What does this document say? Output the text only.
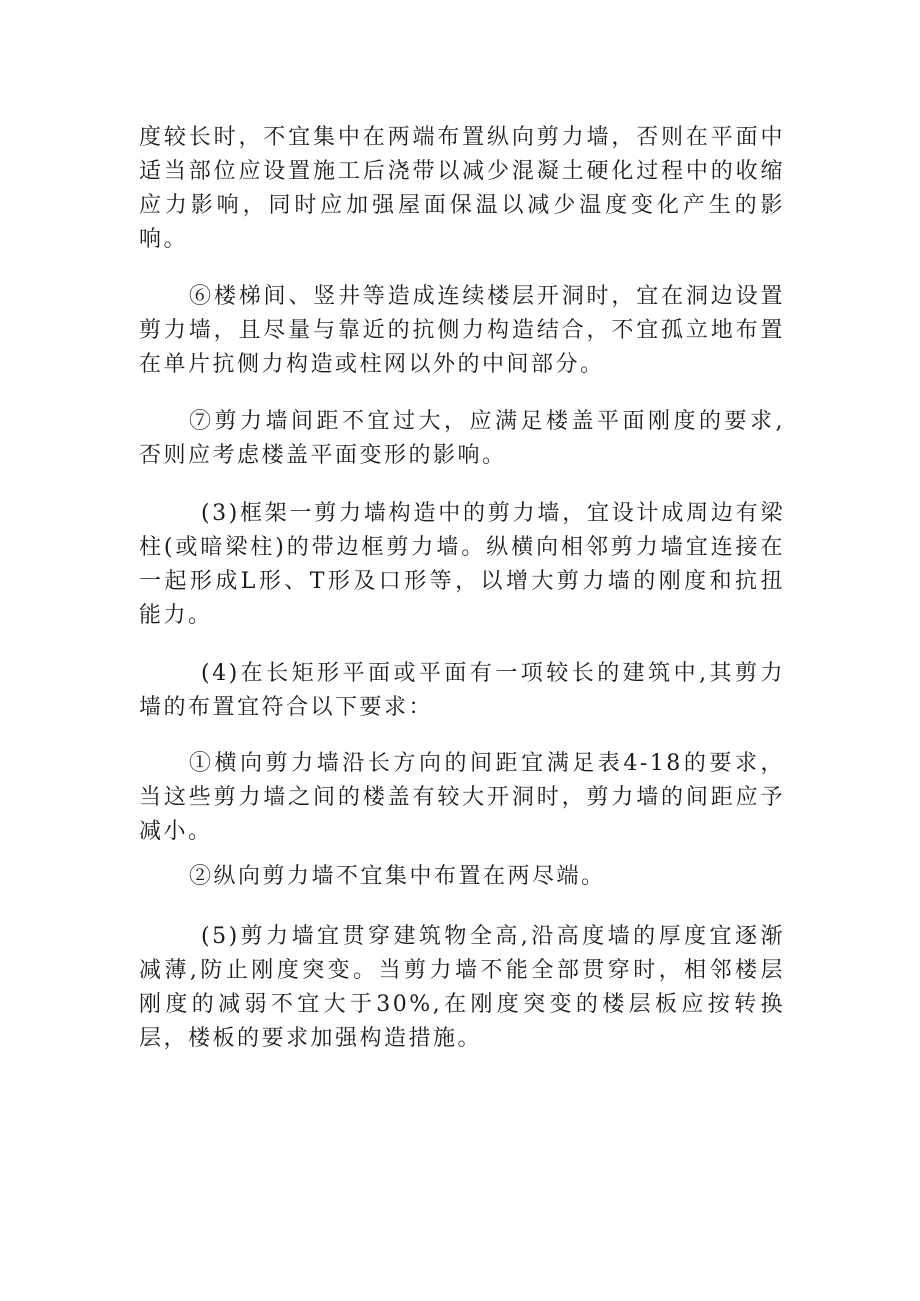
度较长时，不宜集中在两端布置纵向剪力墙，否则在平面中适当部位应设置施工后浇带以减少混凝土硬化过程中的收缩应力影响，同时应加强屋面保温以减少温度变化产生的影响。

⑥楼梯间、竖井等造成连续楼层开洞时，宜在洞边设置剪力墙，且尽量与靠近的抗侧力构造结合，不宜孤立地布置在单片抗侧力构造或柱网以外的中间部分。

⑦剪力墙间距不宜过大，应满足楼盖平面刚度的要求,否则应考虑楼盖平面变形的影响。

(3)框架一剪力墙构造中的剪力墙，宜设计成周边有梁柱(或暗梁柱)的带边框剪力墙。纵横向相邻剪力墙宜连接在一起形成L形、T形及口形等，以增大剪力墙的刚度和抗扭能力。

(4)在长矩形平面或平面有一项较长的建筑中,其剪力墙的布置宜符合以下要求：

①横向剪力墙沿长方向的间距宜满足表4-18的要求，当这些剪力墙之间的楼盖有较大开洞时，剪力墙的间距应予减小。

②纵向剪力墙不宜集中布置在两尽端。

(5)剪力墙宜贯穿建筑物全高,沿高度墙的厚度宜逐渐减薄,防止刚度突变。当剪力墙不能全部贯穿时，相邻楼层刚度的减弱不宜大于30%,在刚度突变的楼层板应按转换层，楼板的要求加强构造措施。
